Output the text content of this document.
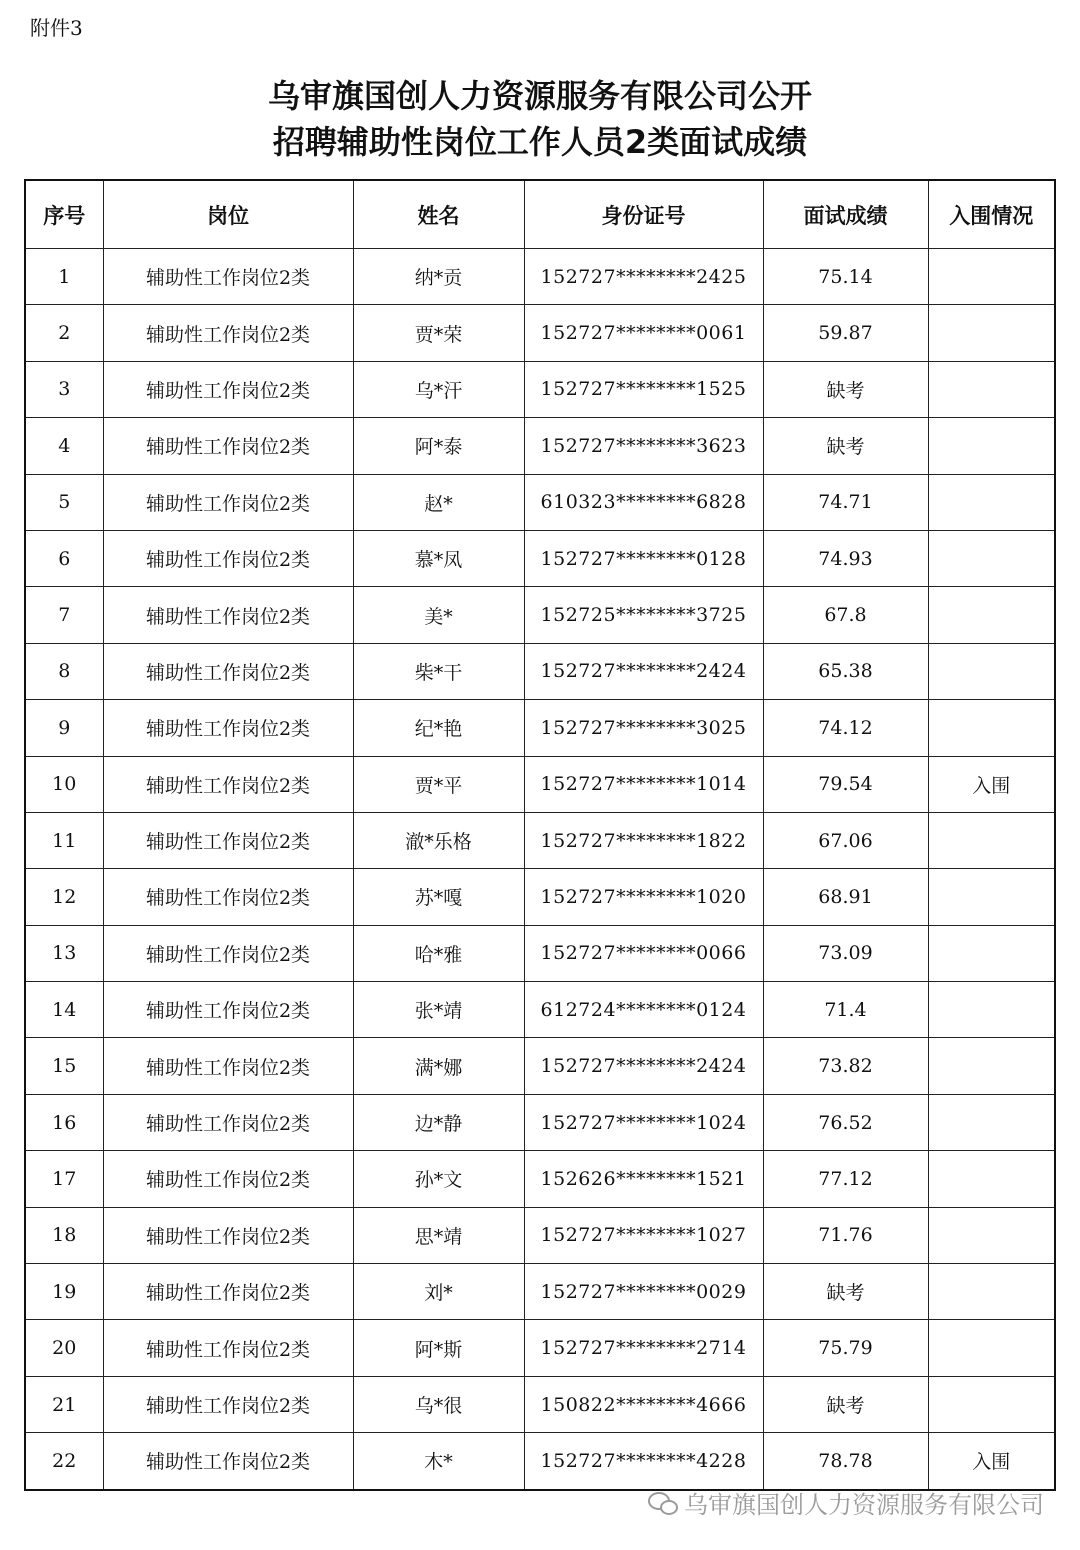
附件3
乌审旗国创人力资源服务有限公司公开
招聘辅助性岗位工作人员2类面试成绩
序号	岗位	姓名	身份证号	面试成绩	入围情况
1	辅助性工作岗位2类	纳*贡	152727********2425	75.14	
2	辅助性工作岗位2类	贾*荣	152727********0061	59.87	
3	辅助性工作岗位2类	乌*汗	152727********1525	缺考	
4	辅助性工作岗位2类	阿*泰	152727********3623	缺考	
5	辅助性工作岗位2类	赵*	610323********6828	74.71	
6	辅助性工作岗位2类	慕*凤	152727********0128	74.93	
7	辅助性工作岗位2类	美*	152725********3725	67.8	
8	辅助性工作岗位2类	柴*干	152727********2424	65.38	
9	辅助性工作岗位2类	纪*艳	152727********3025	74.12	
10	辅助性工作岗位2类	贾*平	152727********1014	79.54	入围
11	辅助性工作岗位2类	澈*乐格	152727********1822	67.06	
12	辅助性工作岗位2类	苏*嘎	152727********1020	68.91	
13	辅助性工作岗位2类	哈*雅	152727********0066	73.09	
14	辅助性工作岗位2类	张*靖	612724********0124	71.4	
15	辅助性工作岗位2类	满*娜	152727********2424	73.82	
16	辅助性工作岗位2类	边*静	152727********1024	76.52	
17	辅助性工作岗位2类	孙*文	152626********1521	77.12	
18	辅助性工作岗位2类	思*靖	152727********1027	71.76	
19	辅助性工作岗位2类	刘*	152727********0029	缺考	
20	辅助性工作岗位2类	阿*斯	152727********2714	75.79	
21	辅助性工作岗位2类	乌*很	150822********4666	缺考	
22	辅助性工作岗位2类	木*	152727********4228	78.78	入围
乌审旗国创人力资源服务有限公司
